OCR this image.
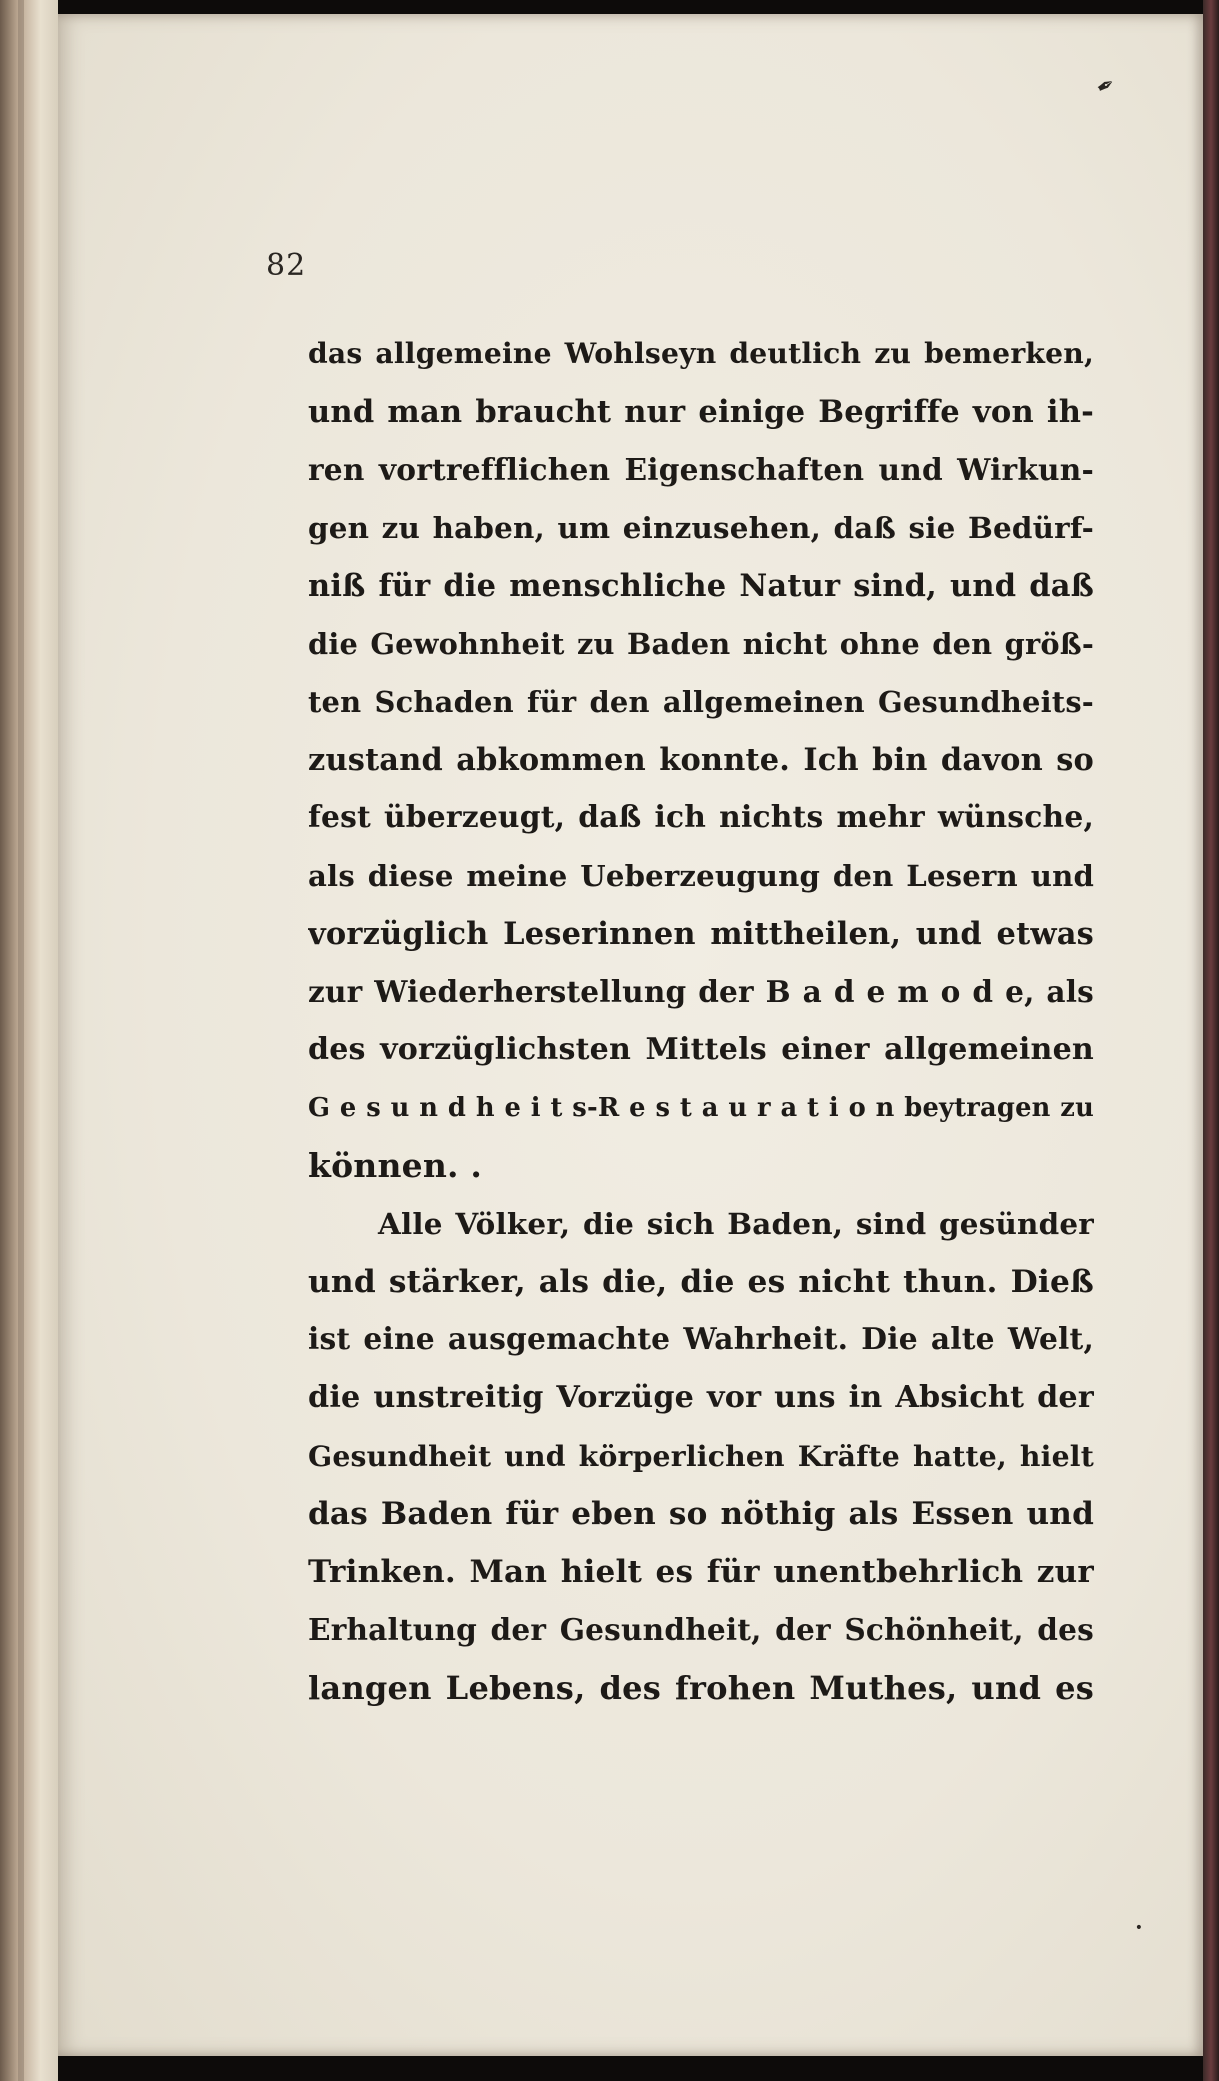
✒
•
82
das allgemeine Wohlseyn deutlich zu bemerken,
und man braucht nur einige Begriffe von ih-
ren vortrefflichen Eigenschaften und Wirkun-
gen zu haben, um einzusehen, daß sie Bedürf-
niß für die menschliche Natur sind, und daß
die Gewohnheit zu Baden nicht ohne den größ-
ten Schaden für den allgemeinen Gesundheits-
zustand abkommen konnte. Ich bin davon so
fest überzeugt, daß ich nichts mehr wünsche,
als diese meine Ueberzeugung den Lesern und
vorzüglich Leserinnen mittheilen, und etwas
zur Wiederherstellung der B a d e m o d e, als
des vorzüglichsten Mittels einer allgemeinen
G e s u n d h e i t s-R e s t a u r a t i o n beytragen zu
können. .
Alle Völker, die sich Baden, sind gesünder
und stärker, als die, die es nicht thun. Dieß
ist eine ausgemachte Wahrheit. Die alte Welt,
die unstreitig Vorzüge vor uns in Absicht der
Gesundheit und körperlichen Kräfte hatte, hielt
das Baden für eben so nöthig als Essen und
Trinken. Man hielt es für unentbehrlich zur
Erhaltung der Gesundheit, der Schönheit, des
langen Lebens, des frohen Muthes, und es
